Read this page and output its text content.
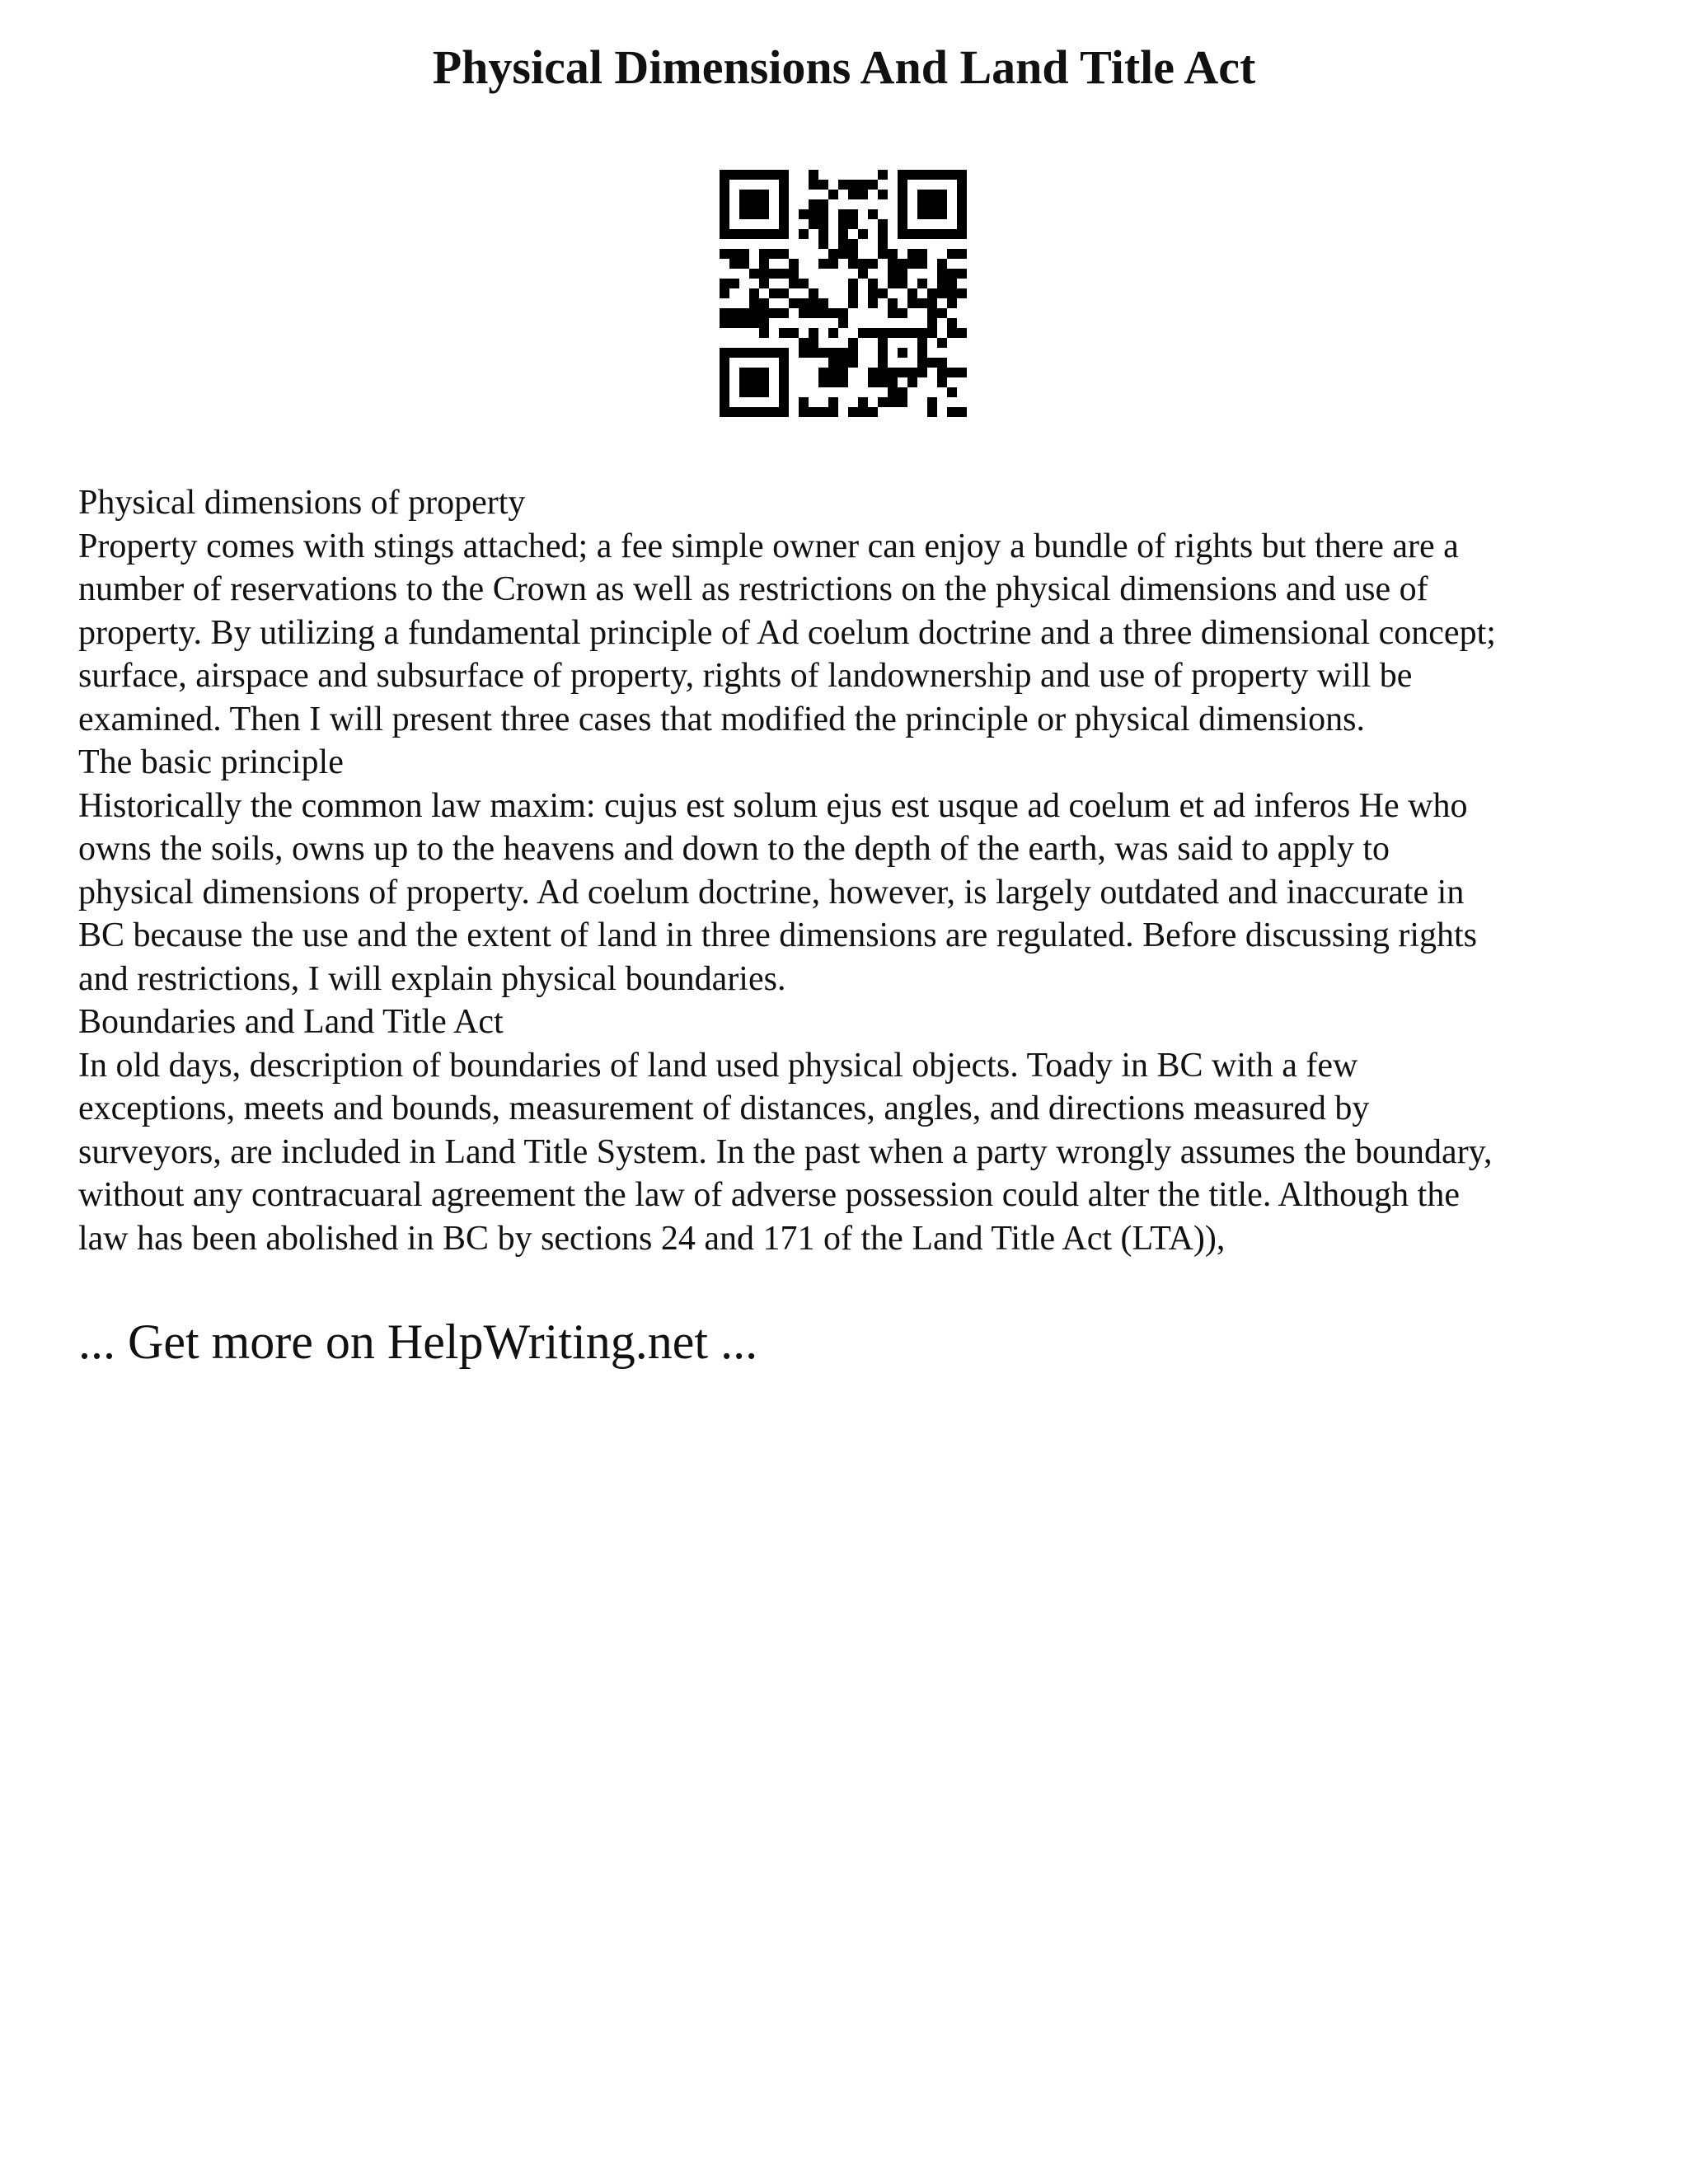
Physical Dimensions And Land Title Act
Physical dimensions of property
Property comes with stings attached; a fee simple owner can enjoy a bundle of rights but there are a
number of reservations to the Crown as well as restrictions on the physical dimensions and use of
property. By utilizing a fundamental principle of Ad coelum doctrine and a three dimensional concept;
surface, airspace and subsurface of property, rights of landownership and use of property will be
examined. Then I will present three cases that modified the principle or physical dimensions.
The basic principle
Historically the common law maxim: cujus est solum ejus est usque ad coelum et ad inferos He who
owns the soils, owns up to the heavens and down to the depth of the earth, was said to apply to
physical dimensions of property. Ad coelum doctrine, however, is largely outdated and inaccurate in
BC because the use and the extent of land in three dimensions are regulated. Before discussing rights
and restrictions, I will explain physical boundaries.
Boundaries and Land Title Act
In old days, description of boundaries of land used physical objects. Toady in BC with a few
exceptions, meets and bounds, measurement of distances, angles, and directions measured by
surveyors, are included in Land Title System. In the past when a party wrongly assumes the boundary,
without any contracuaral agreement the law of adverse possession could alter the title. Although the
law has been abolished in BC by sections 24 and 171 of the Land Title Act (LTA)),
... Get more on HelpWriting.net ...
